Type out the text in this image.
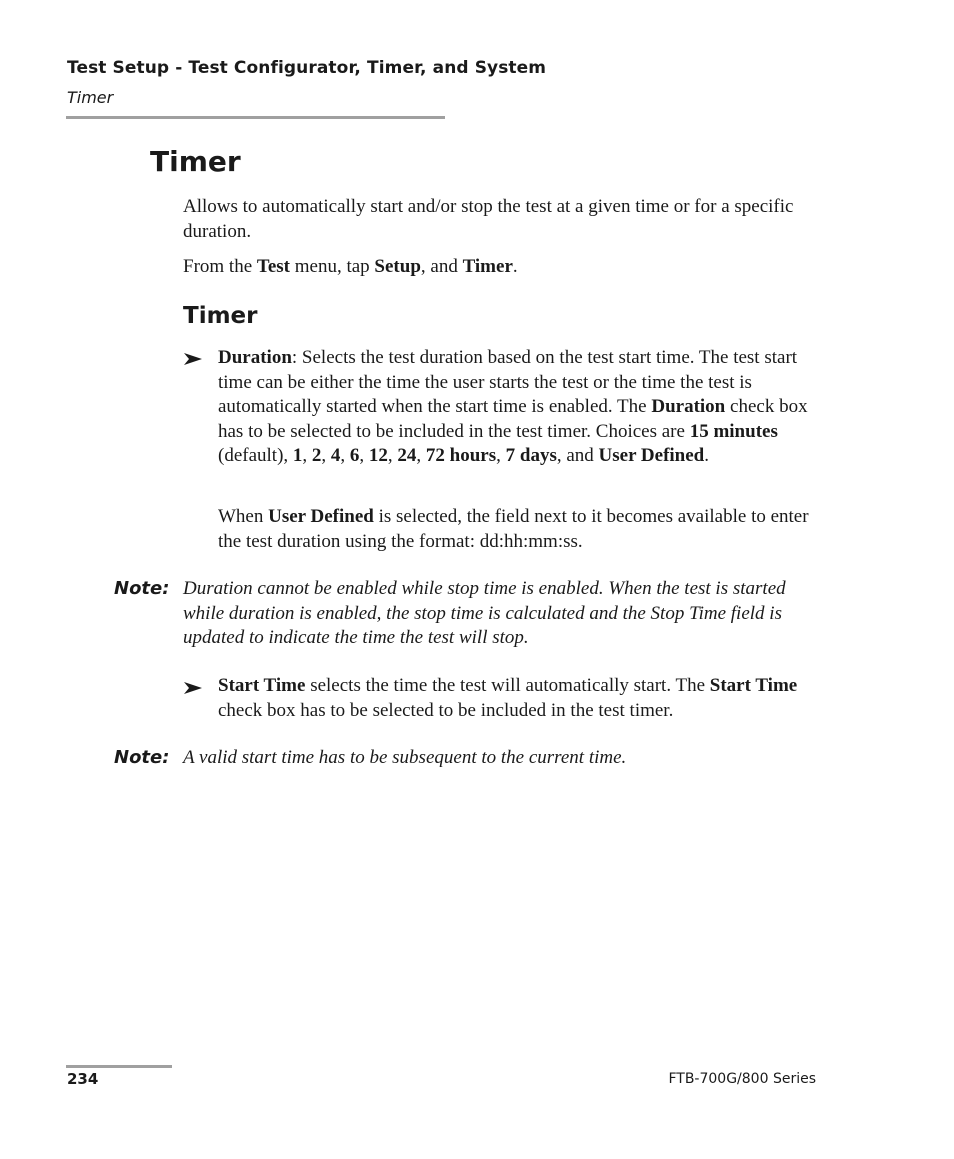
Test Setup - Test Configurator, Timer, and System
Timer
Timer

Allows to automatically start and/or stop the test at a given time or for a specific duration.

From the Test menu, tap Setup, and Timer.

Timer

Duration: Selects the test duration based on the test start time. The test start time can be either the time the user starts the test or the time the test is automatically started when the start time is enabled. The Duration check box has to be selected to be included in the test timer. Choices are 15 minutes (default), 1, 2, 4, 6, 12, 24, 72 hours, 7 days, and User Defined.

When User Defined is selected, the field next to it becomes available to enter the test duration using the format: dd:hh:mm:ss.

Note: Duration cannot be enabled while stop time is enabled. When the test is started while duration is enabled, the stop time is calculated and the Stop Time field is updated to indicate the time the test will stop.

Start Time selects the time the test will automatically start. The Start Time check box has to be selected to be included in the test timer.

Note: A valid start time has to be subsequent to the current time.

234	FTB-700G/800 Series
